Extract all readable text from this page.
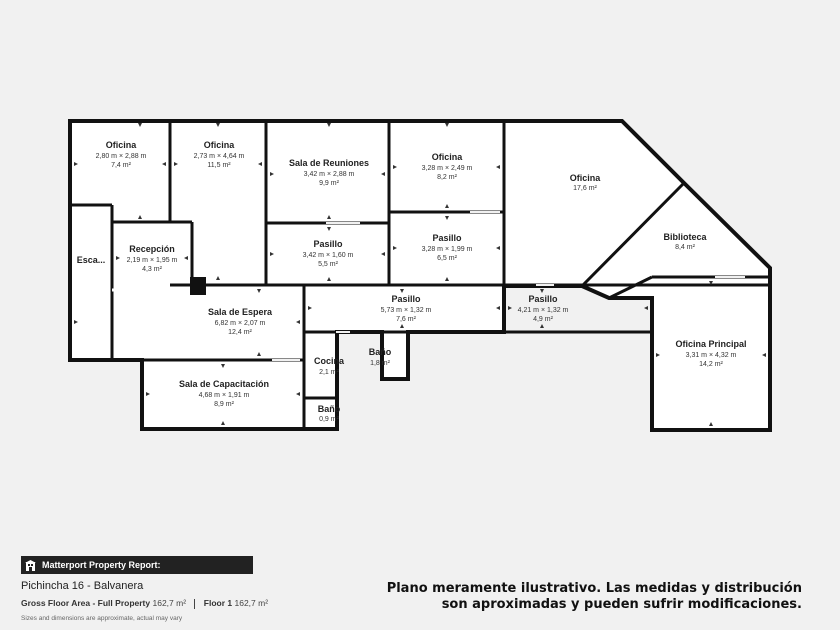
Oficina
2,80 m × 2,88 m
7,4 m²
Oficina
2,73 m × 4,64 m
11,5 m²	Sala de Reuniones
3,42 m × 2,88 m
9,9 m²
Oficina
3,28 m × 2,49 m
8,2 m²	Oficina
17,6 m²
Biblioteca
8,4 m²
Esca...
Recepción
2,19 m × 1,95 m
4,3 m²
Pasillo
3,42 m × 1,60 m
5,5 m²
Pasillo
3,28 m × 1,99 m
6,5 m²
Sala de Espera
6,82 m × 2,07 m
12,4 m²
Pasillo
5,73 m × 1,32 m
7,6 m²
Pasillo
4,21 m × 1,32 m
4,9 m²
Oficina Principal
3,31 m × 4,32 m
14,2 m²
Cocina
2,1 m²
Baño
1,8 m²
Sala de Capacitación
4,68 m × 1,91 m
8,9 m²	Baño
0,9 m²
Matterport Property Report:
Pichincha 16 - Balvanera
Gross Floor Area - Full Property 162,7 m² Floor 1 162,7 m²
Sizes and dimensions are approximate, actual may vary
Plano meramente ilustrativo. Las medidas y distribución
son aproximadas y pueden sufrir modificaciones.
